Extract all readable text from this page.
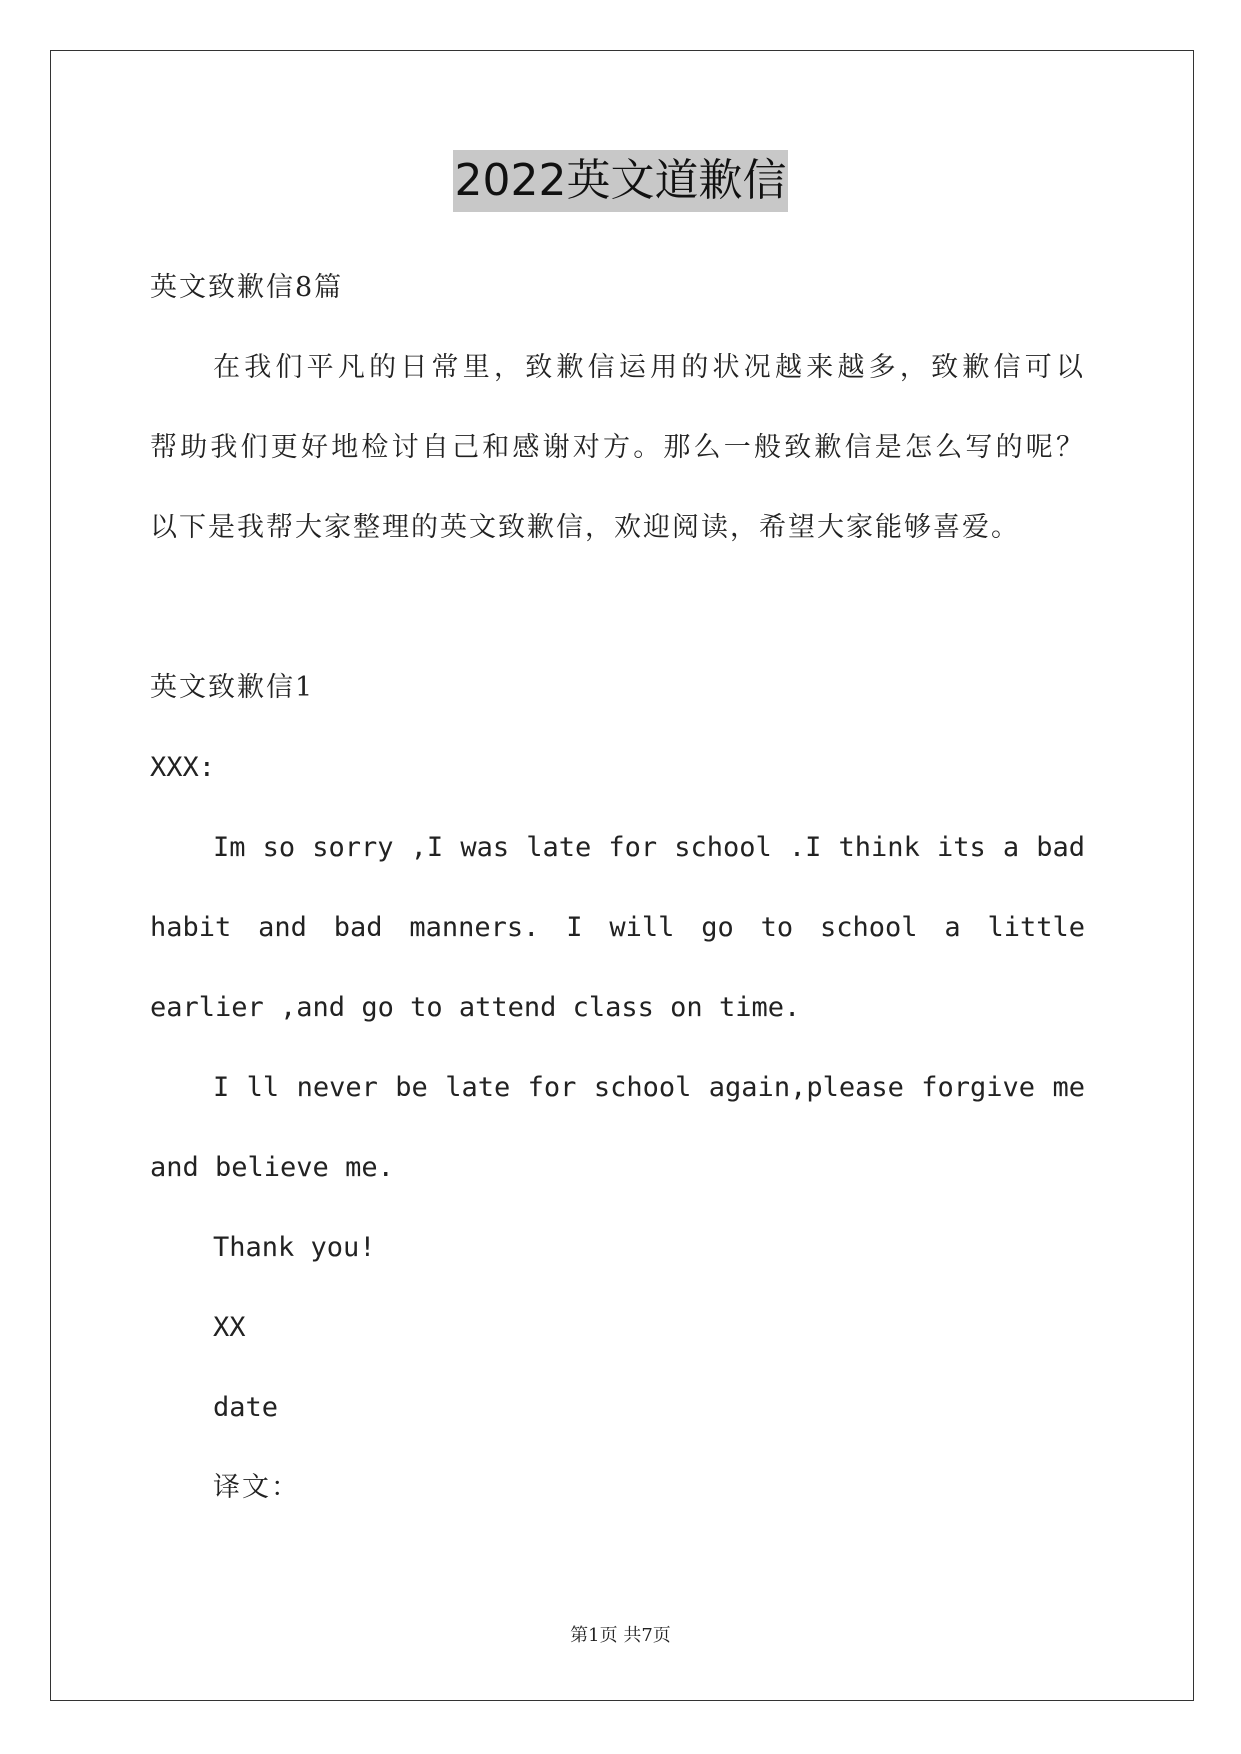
2022英文道歉信
英文致歉信8篇
在我们平凡的日常里，致歉信运用的状况越来越多，致歉信可以
帮助我们更好地检讨自己和感谢对方。那么一般致歉信是怎么写的呢？
以下是我帮大家整理的英文致歉信，欢迎阅读，希望大家能够喜爱。
英文致歉信1
XXX:
Im so sorry ,I was late for school .I think its a bad
habit and bad manners. I will go to school a little
earlier ,and go to attend class on time.
I ll never be late for school again,please forgive me
and believe me.
Thank you!
XX
date
译文：
第1页 共7页
